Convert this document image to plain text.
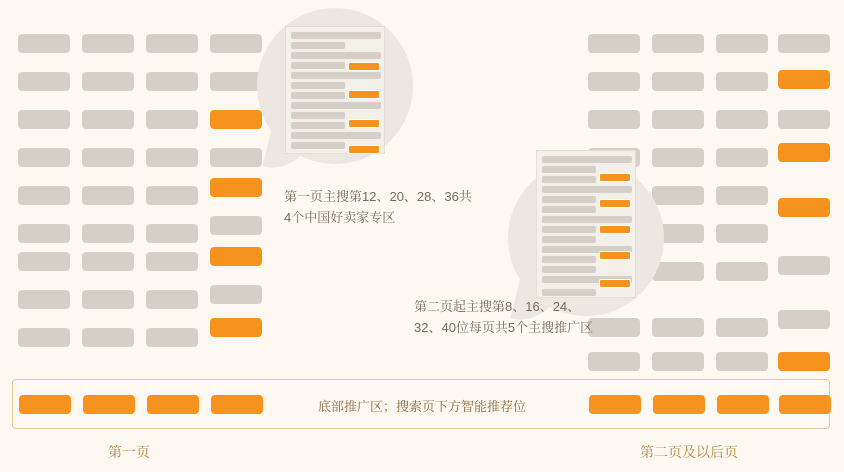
第一页主搜第12、20、28、36共4个中国好卖家专区
第二页起主搜第8、16、24、32、40位每页共5个主搜推广区
底部推广区；搜索页下方智能推荐位
第一页	第二页及以后页
